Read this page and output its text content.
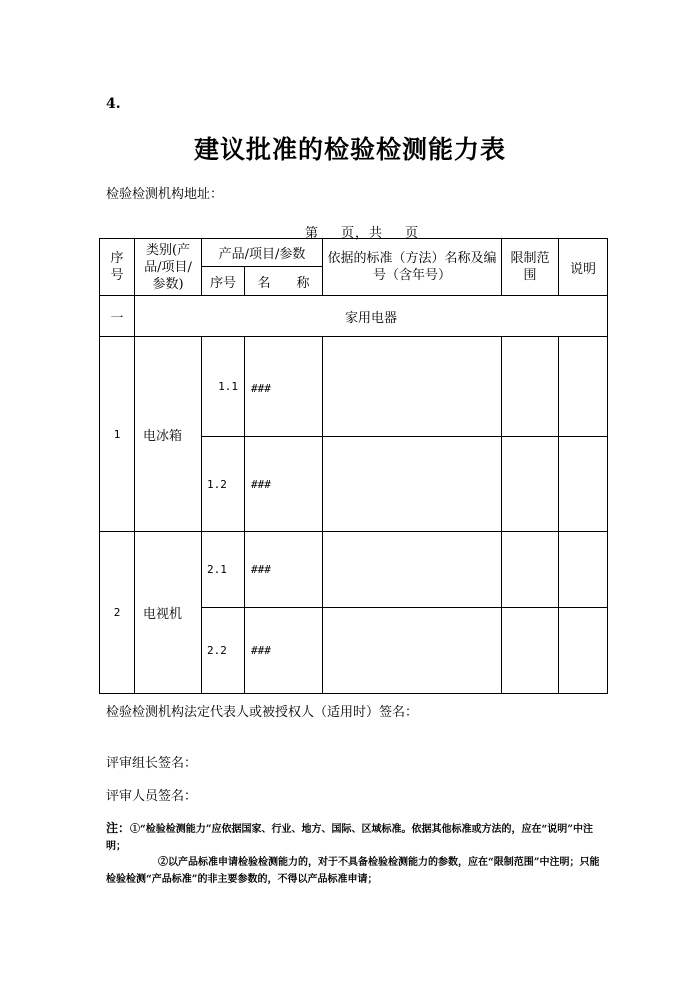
4.
建议批准的检验检测能力表
检验检测机构地址：
第 页，共 页
序号	类别(产品/项目/参数)	产品/项目/参数		依据的标准（方法）名称及编号（含年号）	限制范围	说明
		序号	名　　称			
一	家用电器					
1	电冰箱	1.1	###			
		1.2	###			
2	电视机	2.1	###			
		2.2	###			
检验检测机构法定代表人或被授权人（适用时）签名：
评审组长签名：
评审人员签名：
注：①“检验检测能力”应依据国家、行业、地方、国际、区域标准。依据其他标准或方法的，应在“说明”中注明；
②以产品标准申请检验检测能力的，对于不具备检验检测能力的参数，应在“限制范围”中注明；只能检验检测“产品标准”的非主要参数的，不得以产品标准申请；
